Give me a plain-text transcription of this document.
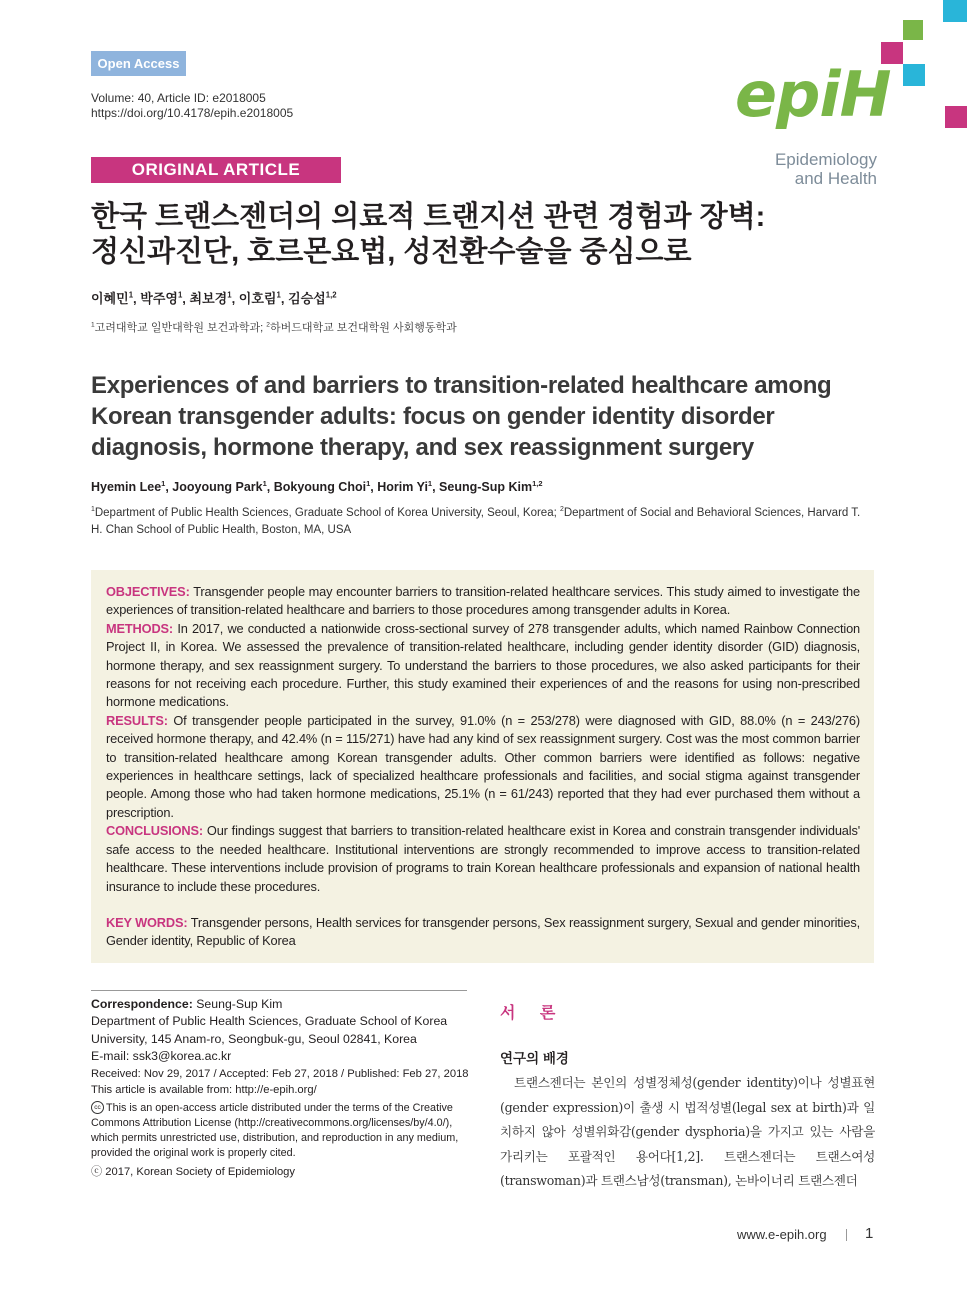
Open Access
Volume: 40, Article ID: e2018005
https://doi.org/10.4178/epih.e2018005	epiH
Epidemiology
and Health
ORIGINAL ARTICLE
한국 트랜스젠더의 의료적 트랜지션 관련 경험과 장벽:
정신과진단, 호르몬요법, 성전환수술을 중심으로
이혜민$^1$, 박주영$^1$, 최보경$^1$, 이호림$^1$, 김승섭$^{1,2}$
$^1$고려대학교 일반대학원 보건과학과; $^2$하버드대학교 보건대학원 사회행동학과
Experiences of and barriers to transition-related healthcare among
Korean transgender adults: focus on gender identity disorder
diagnosis, hormone therapy, and sex reassignment surgery
Hyemin Lee$^1$, Jooyoung Park$^1$, Bokyoung Choi$^1$, Horim Yi$^1$, Seung-Sup Kim$^{1,2}$
$^1$Department of Public Health Sciences, Graduate School of Korea University, Seoul, Korea; $^2$Department of Social and Behavioral Sciences, Harvard T. H. Chan School of Public Health, Boston, MA, USA

OBJECTIVES: Transgender people may encounter barriers to transition-related healthcare services. This study aimed to investigate the experiences of transition-related healthcare and barriers to those procedures among transgender adults in Korea.

METHODS: In 2017, we conducted a nationwide cross-sectional survey of 278 transgender adults, which named Rainbow Connection Project II, in Korea. We assessed the prevalence of transition-related healthcare, including gender identity disorder (GID) diagnosis, hormone therapy, and sex reassignment surgery. To understand the barriers to those procedures, we also asked participants for their reasons for not receiving each procedure. Further, this study examined their experiences of and the reasons for using non-prescribed hormone medications.

RESULTS: Of transgender people participated in the survey, 91.0% (n = 253/278) were diagnosed with GID, 88.0% (n = 243/276) received hormone therapy, and 42.4% (n = 115/271) have had any kind of sex reassignment surgery. Cost was the most common barrier to transition-related healthcare among Korean transgender adults. Other common barriers were identified as follows: negative experiences in healthcare settings, lack of specialized healthcare professionals and facilities, and social stigma against transgender people. Among those who had taken hormone medications, 25.1% (n = 61/243) reported that they had ever purchased them without a prescription.

CONCLUSIONS: Our findings suggest that barriers to transition-related healthcare exist in Korea and constrain transgender individuals' safe access to the needed healthcare. Institutional interventions are strongly recommended to improve access to transition-related healthcare. These interventions include provision of programs to train Korean healthcare professionals and expansion of national health insurance to include these procedures.

KEY WORDS: Transgender persons, Health services for transgender persons, Sex reassignment surgery, Sexual and gender minorities, Gender identity, Republic of Korea

Correspondence: Seung-Sup Kim
Department of Public Health Sciences, Graduate School of Korea University, 145 Anam-ro, Seongbuk-gu, Seoul 02841, Korea
E-mail: ssk3@korea.ac.kr
Received: Nov 29, 2017 / Accepted: Feb 27, 2018 / Published: Feb 27, 2018
This article is available from: http://e-epih.org/
cc This is an open-access article distributed under the terms of the Creative Commons Attribution License (http://creativecommons.org/licenses/by/4.0/), which permits unrestricted use, distribution, and reproduction in any medium, provided the original work is properly cited.
ⓒ 2017, Korean Society of Epidemiology
서 론
연구의 배경
트랜스젠더는 본인의 성별정체성(gender identity)이나 성별표현(gender expression)이 출생 시 법적성별(legal sex at birth)과 일치하지 않아 성별위화감(gender dysphoria)을 가지고 있는 사람을 가리키는 포괄적인 용어다[1,2]. 트랜스젠더는 트랜스여성(transwoman)과 트랜스남성(transman), 논바이너리 트랜스젠더
www.e-epih.org	1
